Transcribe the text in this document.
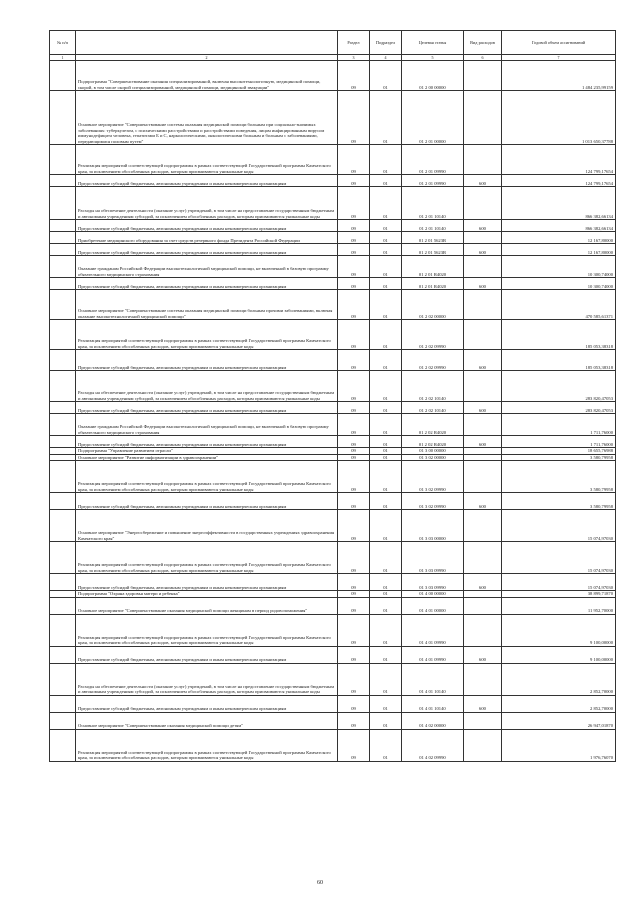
№ п/п		Раздел	Подраздел	Целевая статья	Вид расходов	Годовой объем ассигнований
1	2	3	4	5	6	7
	Подпрограмма "Совершенствование оказания специализированной, включая высокотехнологичную, медицинской помощи, скорой, в том числе скорой специализированной, медицинской помощи, медицинской эвакуации"	09	01	01 2 00 00000		1 484 235,99159
	Основное мероприятие "Совершенствование системы оказания медицинской помощи больным при социально-значимых заболеваниях: туберкулезом, с психическими расстройствами и расстройствами поведения, лицам инфицированным вирусом иммунодефицита человека, гепатитами Б и С, наркологическими, онкологическими больным и больным с заболеваниями, передающимися половым путем"	09	01	01 2 01 00000		1 013 650,37788
	Реализация мероприятий соответствующей подпрограммы в рамках соответствующей Государственной программы Камчатского края, за исключением обособленных расходов, которым присваиваются уникальные коды	09	01	01 2 01 09990		124 799,17654
	Предоставление субсидий бюджетным, автономным учреждениям и иным некоммерческим организациям	09	01	01 2 01 09990	600	124 799,17654
	Расходы на обеспечение деятельности (оказание услуг) учреждений, в том числе на предоставление государственным бюджетным и автономным учреждениям субсидий, за исключением обособленных расходов, которым присваиваются уникальные коды	09	01	01 2 01 10140		866 382,66134
	Предоставление субсидий бюджетным, автономным учреждениям и иным некоммерческим организациям	09	01	01 2 01 10140	600	866 382,66134
	Приобретение медицинского оборудования за счет средств резервного фонда Президента Российской Федерации	09	01	01 2 01 5623R		12 167,80000
	Предоставление субсидий бюджетным, автономным учреждениям и иным некоммерческим организациям	09	01	01 2 01 5623R	600	12 167,80000
	Оказание гражданам Российской Федерации высокотехнологичной медицинской помощи, не включенной в базовую программу обязательного медицинского страхования	09	01	01 2 01 R4020		10 300,74000
	Предоставление субсидий бюджетным, автономным учреждениям и иным некоммерческим организациям	09	01	01 2 01 R4020	600	10 300,74000
	Основное мероприятие "Совершенствование системы оказания медицинской помощи больным прочими заболеваниями, включая оказание высокотехнологичной медицинской помощи"	09	01	01 2 02 00000		470 585,61371
	Реализация мероприятий соответствующей подпрограммы в рамках соответствующей Государственной программы Камчатского края, за исключением обособленных расходов, которым присваиваются уникальные коды	09	01	01 2 02 09990		185 053,38318
	Предоставление субсидий бюджетным, автономным учреждениям и иным некоммерческим организациям	09	01	01 2 02 09990	600	185 053,38318
	Расходы на обеспечение деятельности (оказание услуг) учреждений, в том числе на предоставление государственным бюджетным и автономным учреждениям субсидий, за исключением обособленных расходов, которым присваиваются уникальные коды	09	01	01 2 02 10140		283 820,47053
	Предоставление субсидий бюджетным, автономным учреждениям и иным некоммерческим организациям	09	01	01 2 02 10140	600	283 820,47053
	Оказание гражданам Российской Федерации высокотехнологичной медицинской помощи, не включенной в базовую программу обязательного медицинского страхования	09	01	01 2 02 R4020		1 711,76000
	Предоставление субсидий бюджетным, автономным учреждениям и иным некоммерческим организациям	09	01	01 2 02 R4020	600	1 711,76000
	Подпрограмма "Управление развитием отрасли"	09	01	01 3 00 00000		18 655,76988
	Основное мероприятие "Развитие информатизации в здравоохранении"	09	01	01 3 02 00000		3 580,79958
	Реализация мероприятий соответствующей подпрограммы в рамках соответствующей Государственной программы Камчатского края, за исключением обособленных расходов, которым присваиваются уникальные коды	09	01	01 3 02 09990		3 580,79958
	Предоставление субсидий бюджетным, автономным учреждениям и иным некоммерческим организациям	09	01	01 3 02 09990	600	3 580,79958
	Основное мероприятие "Энергосбережение и повышение энергоэффективности в государственных учреждениях здравоохранения Камчатского края"	09	01	01 3 03 00000		15 074,97030
	Реализация мероприятий соответствующей подпрограммы в рамках соответствующей Государственной программы Камчатского края, за исключением обособленных расходов, которым присваиваются уникальные коды	09	01	01 3 03 09990		15 074,97030
	Предоставление субсидий бюджетным, автономным учреждениям и иным некоммерческим организациям	09	01	01 3 03 09990	600	15 074,97030
	Подпрограмма "Охрана здоровья матери и ребенка"	09	01	01 4 00 00000		38 899,71870
	Основное мероприятие "Совершенствование оказания медицинской помощи женщинам в период родовспоможения"	09	01	01 4 01 00000		11 952,70000
	Реализация мероприятий соответствующей подпрограммы в рамках соответствующей Государственной программы Камчатского края, за исключением обособленных расходов, которым присваиваются уникальные коды	09	01	01 4 01 09990		9 100,00000
	Предоставление субсидий бюджетным, автономным учреждениям и иным некоммерческим организациям	09	01	01 4 01 09990	600	9 100,00000
	Расходы на обеспечение деятельности (оказание услуг) учреждений, в том числе на предоставление государственным бюджетным и автономным учреждениям субсидий, за исключением обособленных расходов, которым присваиваются уникальные коды	09	01	01 4 01 10140		2 852,70000
	Предоставление субсидий бюджетным, автономным учреждениям и иным некоммерческим организациям	09	01	01 4 01 10140	600	2 852,70000
	Основное мероприятие "Совершенствование оказания медицинской помощи детям"	09	01	01 4 02 00000		26 947,01870
	Реализация мероприятий соответствующей подпрограммы в рамках соответствующей Государственной программы Камчатского края, за исключением обособленных расходов, которым присваиваются уникальные коды	09	01	01 4 02 09990		1 976,76070
60
